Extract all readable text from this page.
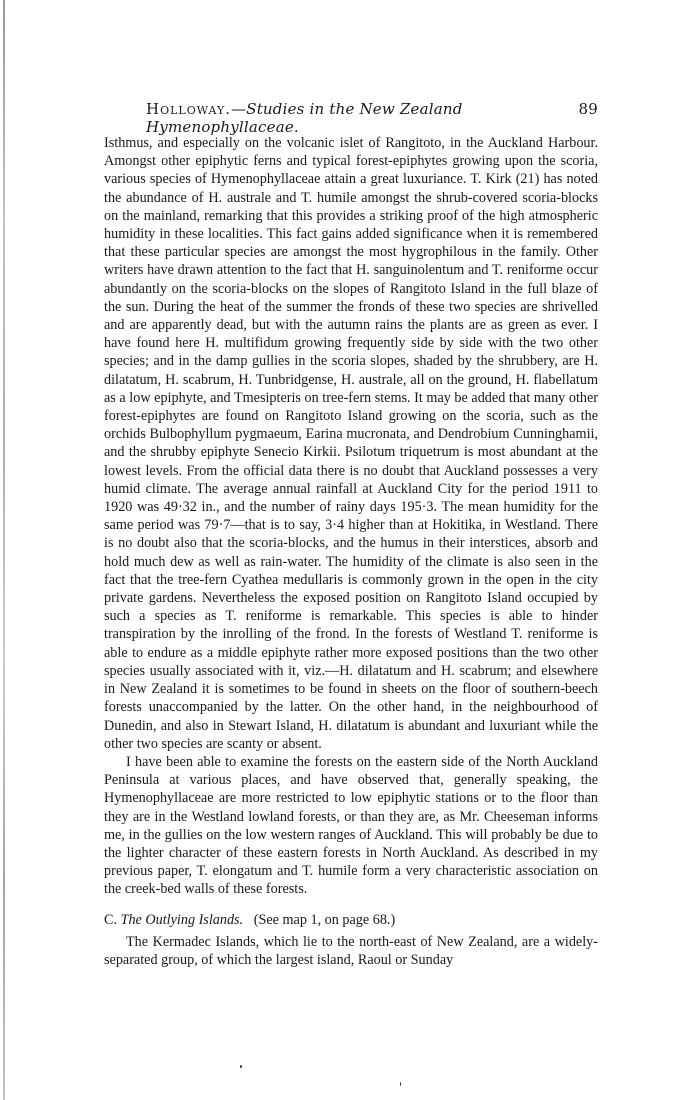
Holloway.—Studies in the New Zealand Hymenophyllaceae.
89

Isthmus, and especially on the volcanic islet of Rangitoto, in the Auckland Harbour. Amongst other epiphytic ferns and typical forest-epiphytes growing upon the scoria, various species of Hymenophyllaceae attain a great luxuriance. T. Kirk (21) has noted the abundance of H. australe and T. humile amongst the shrub-covered scoria-blocks on the mainland, remarking that this provides a striking proof of the high atmospheric humidity in these localities. This fact gains added significance when it is remembered that these particular species are amongst the most hygrophilous in the family. Other writers have drawn attention to the fact that H. sanguinolentum and T. reniforme occur abundantly on the scoria-blocks on the slopes of Rangitoto Island in the full blaze of the sun. During the heat of the summer the fronds of these two species are shrivelled and are apparently dead, but with the autumn rains the plants are as green as ever. I have found here H. multifidum growing frequently side by side with the two other species; and in the damp gullies in the scoria slopes, shaded by the shrubbery, are H. dilatatum, H. scabrum, H. Tunbridgense, H. australe, all on the ground, H. flabellatum as a low epiphyte, and Tmesipteris on tree-fern stems. It may be added that many other forest-epiphytes are found on Rangitoto Island growing on the scoria, such as the orchids Bulbophyllum pygmaeum, Earina mucronata, and Dendrobium Cunninghamii, and the shrubby epiphyte Senecio Kirkii. Psilotum triquetrum is most abundant at the lowest levels. From the official data there is no doubt that Auckland possesses a very humid climate. The average annual rainfall at Auckland City for the period 1911 to 1920 was 49·32 in., and the number of rainy days 195·3. The mean humidity for the same period was 79·7—that is to say, 3·4 higher than at Hokitika, in Westland. There is no doubt also that the scoria-blocks, and the humus in their interstices, absorb and hold much dew as well as rain-water. The humidity of the climate is also seen in the fact that the tree-fern Cyathea medullaris is commonly grown in the open in the city private gardens. Nevertheless the exposed position on Rangitoto Island occupied by such a species as T. reniforme is remarkable. This species is able to hinder transpiration by the inrolling of the frond. In the forests of Westland T. reniforme is able to endure as a middle epiphyte rather more exposed positions than the two other species usually associated with it, viz.—H. dilatatum and H. scabrum; and elsewhere in New Zealand it is sometimes to be found in sheets on the floor of southern-beech forests unaccompanied by the latter. On the other hand, in the neighbourhood of Dunedin, and also in Stewart Island, H. dilatatum is abundant and luxuriant while the other two species are scanty or absent.

I have been able to examine the forests on the eastern side of the North Auckland Peninsula at various places, and have observed that, generally speaking, the Hymenophyllaceae are more restricted to low epiphytic stations or to the floor than they are in the Westland lowland forests, or than they are, as Mr. Cheeseman informs me, in the gullies on the low western ranges of Auckland. This will probably be due to the lighter character of these eastern forests in North Auckland. As described in my previous paper, T. elongatum and T. humile form a very characteristic association on the creek-bed walls of these forests.

C. The Outlying Islands. (See map 1, on page 68.)

The Kermadec Islands, which lie to the north-east of New Zealand, are a widely-separated group, of which the largest island, Raoul or Sunday
